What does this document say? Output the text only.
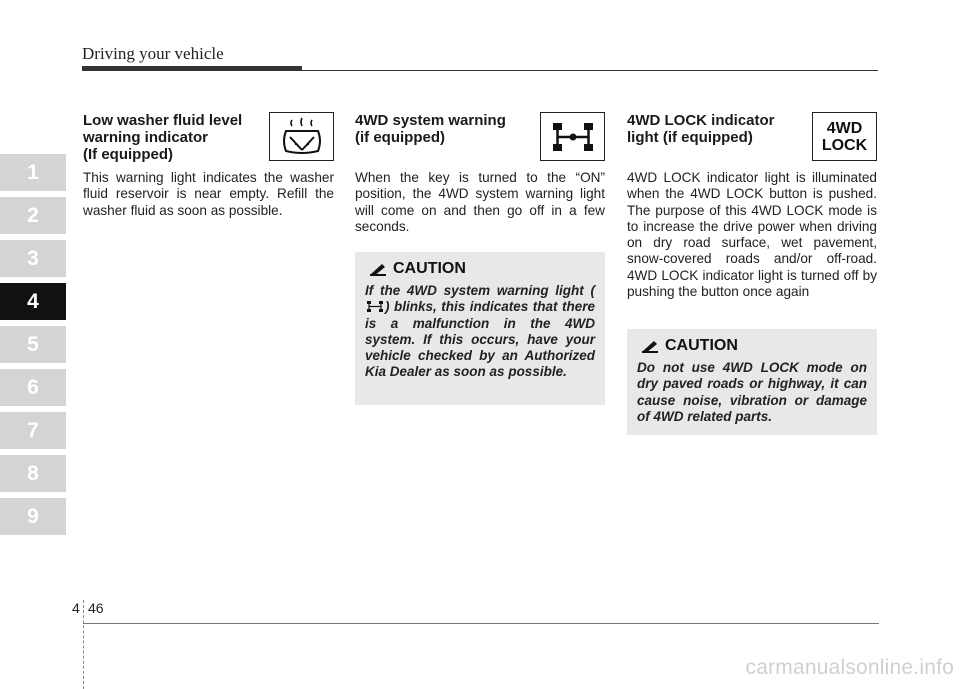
Driving your vehicle
1
2
3
4
5
6
7
8
9
Low washer fluid level
warning indicator
(If equipped)
This warning light indicates the washer fluid reservoir is near empty. Refill the washer fluid as soon as possible.
4WD system warning
(if equipped)
When the key is turned to the “ON” position, the 4WD system warning light will come on and then go off in a few seconds.
CAUTION
If the 4WD system warning light (
) blinks, this indicates that there is a malfunction in the 4WD system. If this occurs, have your vehicle checked by an Authorized Kia Dealer as soon as possible.
4WD LOCK indicator
light (if equipped)
4WD
LOCK
4WD LOCK indicator light is illuminated when the 4WD LOCK button is pushed. The purpose of this 4WD LOCK mode is to increase the drive power when driving on dry road surface, wet pavement, snow-covered roads and/or off-road. 4WD LOCK indicator light is turned off by pushing the button once again
CAUTION
Do not use 4WD LOCK mode on dry paved roads or highway, it can cause noise, vibration or damage of 4WD related parts.
4 46
carmanualsonline.info
